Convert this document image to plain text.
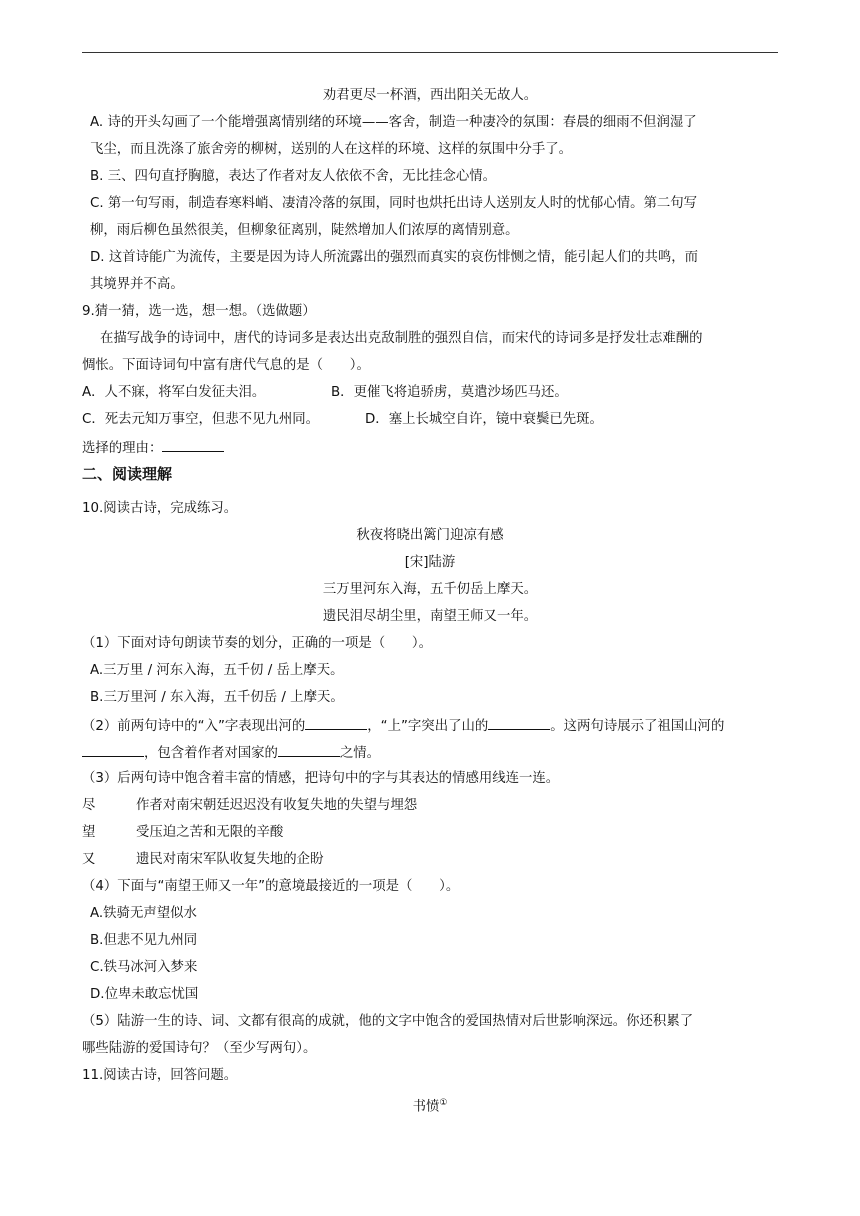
劝君更尽一杯酒，西出阳关无故人。
A. 诗的开头勾画了一个能增强离情别绪的环境——客舍，制造一种凄冷的氛围：春晨的细雨不但润湿了
飞尘，而且洗涤了旅舍旁的柳树，送别的人在这样的环境、这样的氛围中分手了。
B. 三、四句直抒胸臆，表达了作者对友人依依不舍，无比挂念心情。
C. 第一句写雨，制造春寒料峭、凄清冷落的氛围，同时也烘托出诗人送别友人时的忧郁心情。第二句写
柳，雨后柳色虽然很美，但柳象征离别，陡然增加人们浓厚的离情别意。
D. 这首诗能广为流传，主要是因为诗人所流露出的强烈而真实的哀伤悱恻之情，能引起人们的共鸣，而
其境界并不高。
9.猜一猜，选一选，想一想。（选做题）
在描写战争的诗词中，唐代的诗词多是表达出克敌制胜的强烈自信，而宋代的诗词多是抒发壮志难酬的
惆怅。下面诗词句中富有唐代气息的是（　　）。
A．人不寐，将军白发征夫泪。	B．更催飞将追骄虏，莫遣沙场匹马还。
C．死去元知万事空，但悲不见九州同。	D．塞上长城空自许，镜中衰鬓已先斑。
选择的理由：
二、阅读理解
10.阅读古诗，完成练习。
秋夜将晓出篱门迎凉有感
[宋]陆游
三万里河东入海，五千仞岳上摩天。
遗民泪尽胡尘里，南望王师又一年。
（1）下面对诗句朗读节奏的划分，正确的一项是（　　）。
A.三万里 / 河东入海，五千仞 / 岳上摩天。
B.三万里河 / 东入海，五千仞岳 / 上摩天。
（2）前两句诗中的“入”字表现出河的	，“上”字突出了山的	。这两句诗展示了祖国山河的
，包含着作者对国家的	之情。
（3）后两句诗中饱含着丰富的情感，把诗句中的字与其表达的情感用线连一连。
尽	作者对南宋朝廷迟迟没有收复失地的失望与埋怨
望	受压迫之苦和无限的辛酸
又	遗民对南宋军队收复失地的企盼
（4）下面与“南望王师又一年”的意境最接近的一项是（　　）。
A.铁骑无声望似水
B.但悲不见九州同
C.铁马冰河入梦来
D.位卑未敢忘忧国
（5）陆游一生的诗、词、文都有很高的成就，他的文字中饱含的爱国热情对后世影响深远。你还积累了
哪些陆游的爱国诗句？（至少写两句）。
11.阅读古诗，回答问题。
书愤①
